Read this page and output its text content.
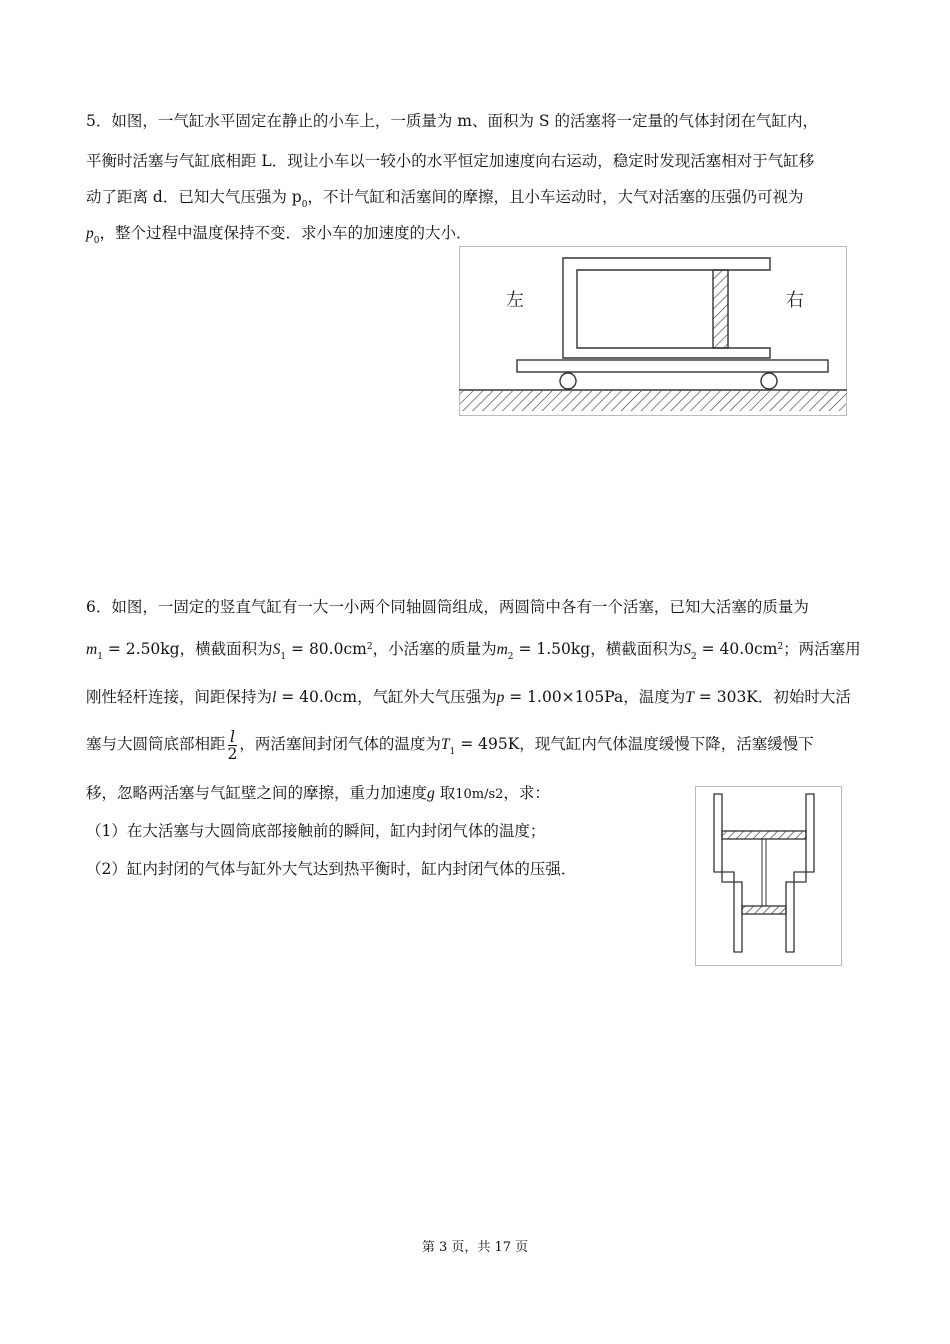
5．如图，一气缸水平固定在静止的小车上，一质量为 m、面积为 S 的活塞将一定量的气体封闭在气缸内，
平衡时活塞与气缸底相距 L．现让小车以一较小的水平恒定加速度向右运动，稳定时发现活塞相对于气缸移
动了距离 d．已知大气压强为 $p_0$，不计气缸和活塞间的摩擦，且小车运动时，大气对活塞的压强仍可视为
$p_0$，整个过程中温度保持不变．求小车的加速度的大小．
左	右
6．如图，一固定的竖直气缸有一大一小两个同轴圆筒组成，两圆筒中各有一个活塞，已知大活塞的质量为
$m_1 = 2.50kg$，横截面积为$S_1 = 80.0cm^2$，小活塞的质量为$m_2 = 1.50kg$，横截面积为$S_2 = 40.0cm^2$；两活塞用
刚性轻杆连接，间距保持为l = 40.0cm，气缸外大气压强为p = 1.00×105Pa，温度为T = 303K．初始时大活
塞与大圆筒底部相距 $\frac{l}{2}$ ，两活塞间封闭气体的温度为$T_1 = 495K$，现气缸内气体温度缓慢下降，活塞缓慢下
移，忽略两活塞与气缸壁之间的摩擦，重力加速度g 取10m/s2，求：
（1）在大活塞与大圆筒底部接触前的瞬间，缸内封闭气体的温度；
（2）缸内封闭的气体与缸外大气达到热平衡时，缸内封闭气体的压强．
第 3 页，共 17 页
